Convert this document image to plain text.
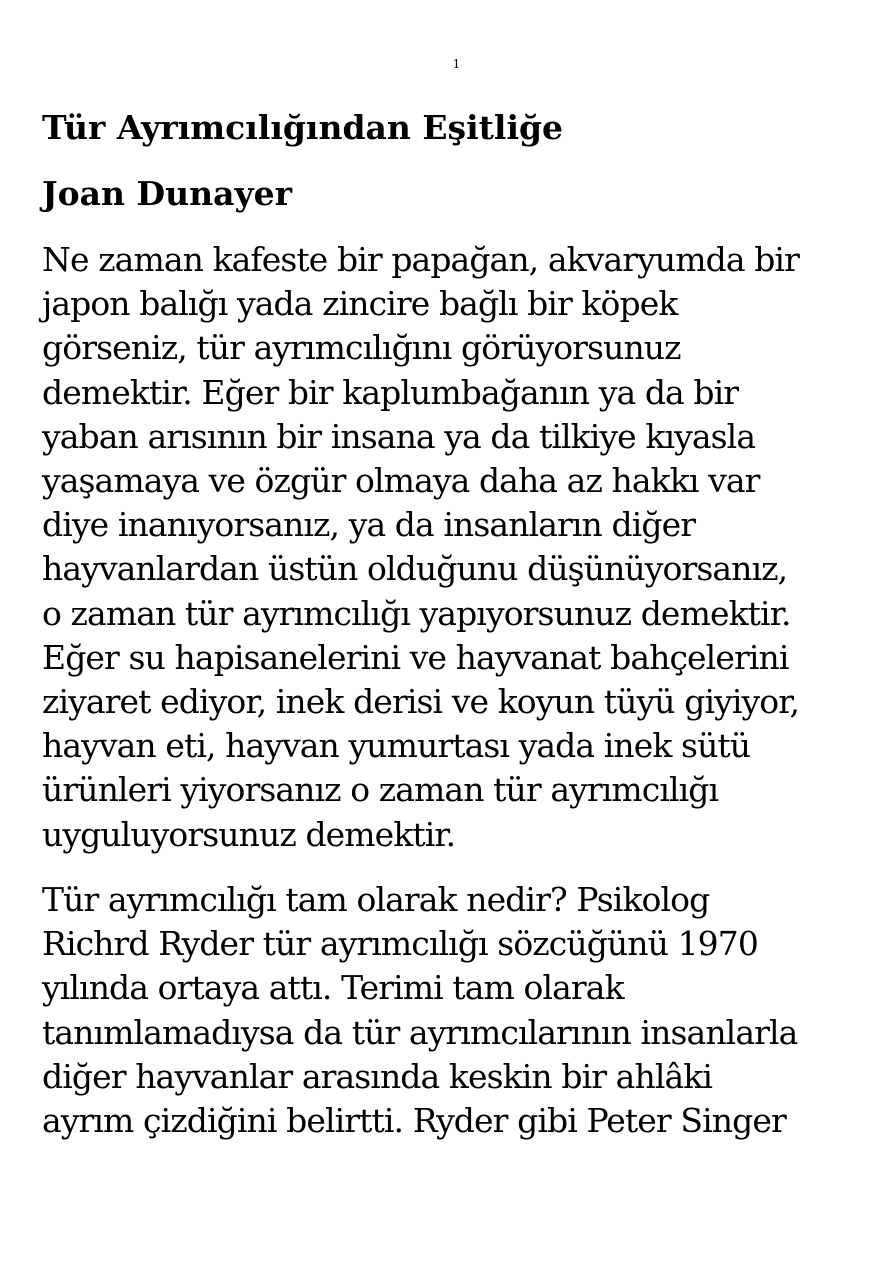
1
Tür Ayrımcılığından Eşitliğe
Joan Dunayer

Ne zaman kafeste bir papağan, akvaryumda bir
japon balığı yada zincire bağlı bir köpek
görseniz, tür ayrımcılığını görüyorsunuz
demektir. Eğer bir kaplumbağanın ya da bir
yaban arısının bir insana ya da tilkiye kıyasla
yaşamaya ve özgür olmaya daha az hakkı var
diye inanıyorsanız, ya da insanların diğer
hayvanlardan üstün olduğunu düşünüyorsanız,
o zaman tür ayrımcılığı yapıyorsunuz demektir.
Eğer su hapisanelerini ve hayvanat bahçelerini
ziyaret ediyor, inek derisi ve koyun tüyü giyiyor,
hayvan eti, hayvan yumurtası yada inek sütü
ürünleri yiyorsanız o zaman tür ayrımcılığı
uyguluyorsunuz demektir.

Tür ayrımcılığı tam olarak nedir? Psikolog
Richrd Ryder tür ayrımcılığı sözcüğünü 1970
yılında ortaya attı. Terimi tam olarak
tanımlamadıysa da tür ayrımcılarının insanlarla
diğer hayvanlar arasında keskin bir ahlâki
ayrım çizdiğini belirtti. Ryder gibi Peter Singer
